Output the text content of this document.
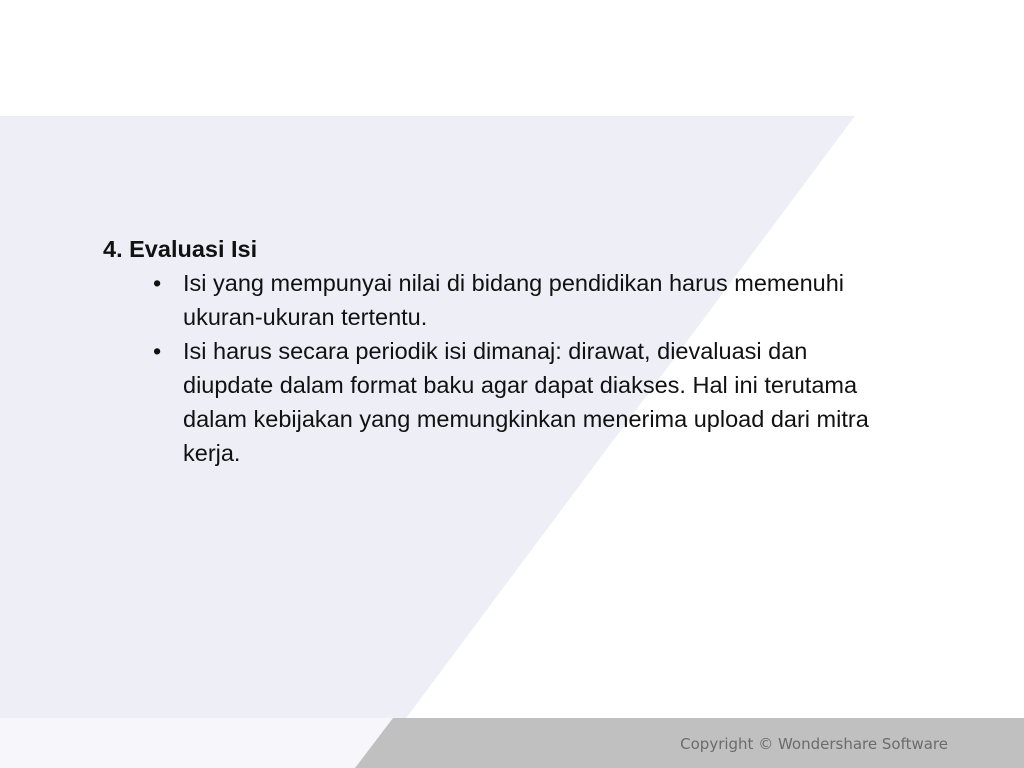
4. Evaluasi Isi

• Isi yang mempunyai nilai di bidang pendidikan harus memenuhi ukuran-ukuran tertentu.
• Isi harus secara periodik isi dimanaj: dirawat, dievaluasi dan diupdate dalam format baku agar dapat diakses. Hal ini terutama dalam kebijakan yang memungkinkan menerima upload dari mitra kerja.
Copyright © Wondershare Software
